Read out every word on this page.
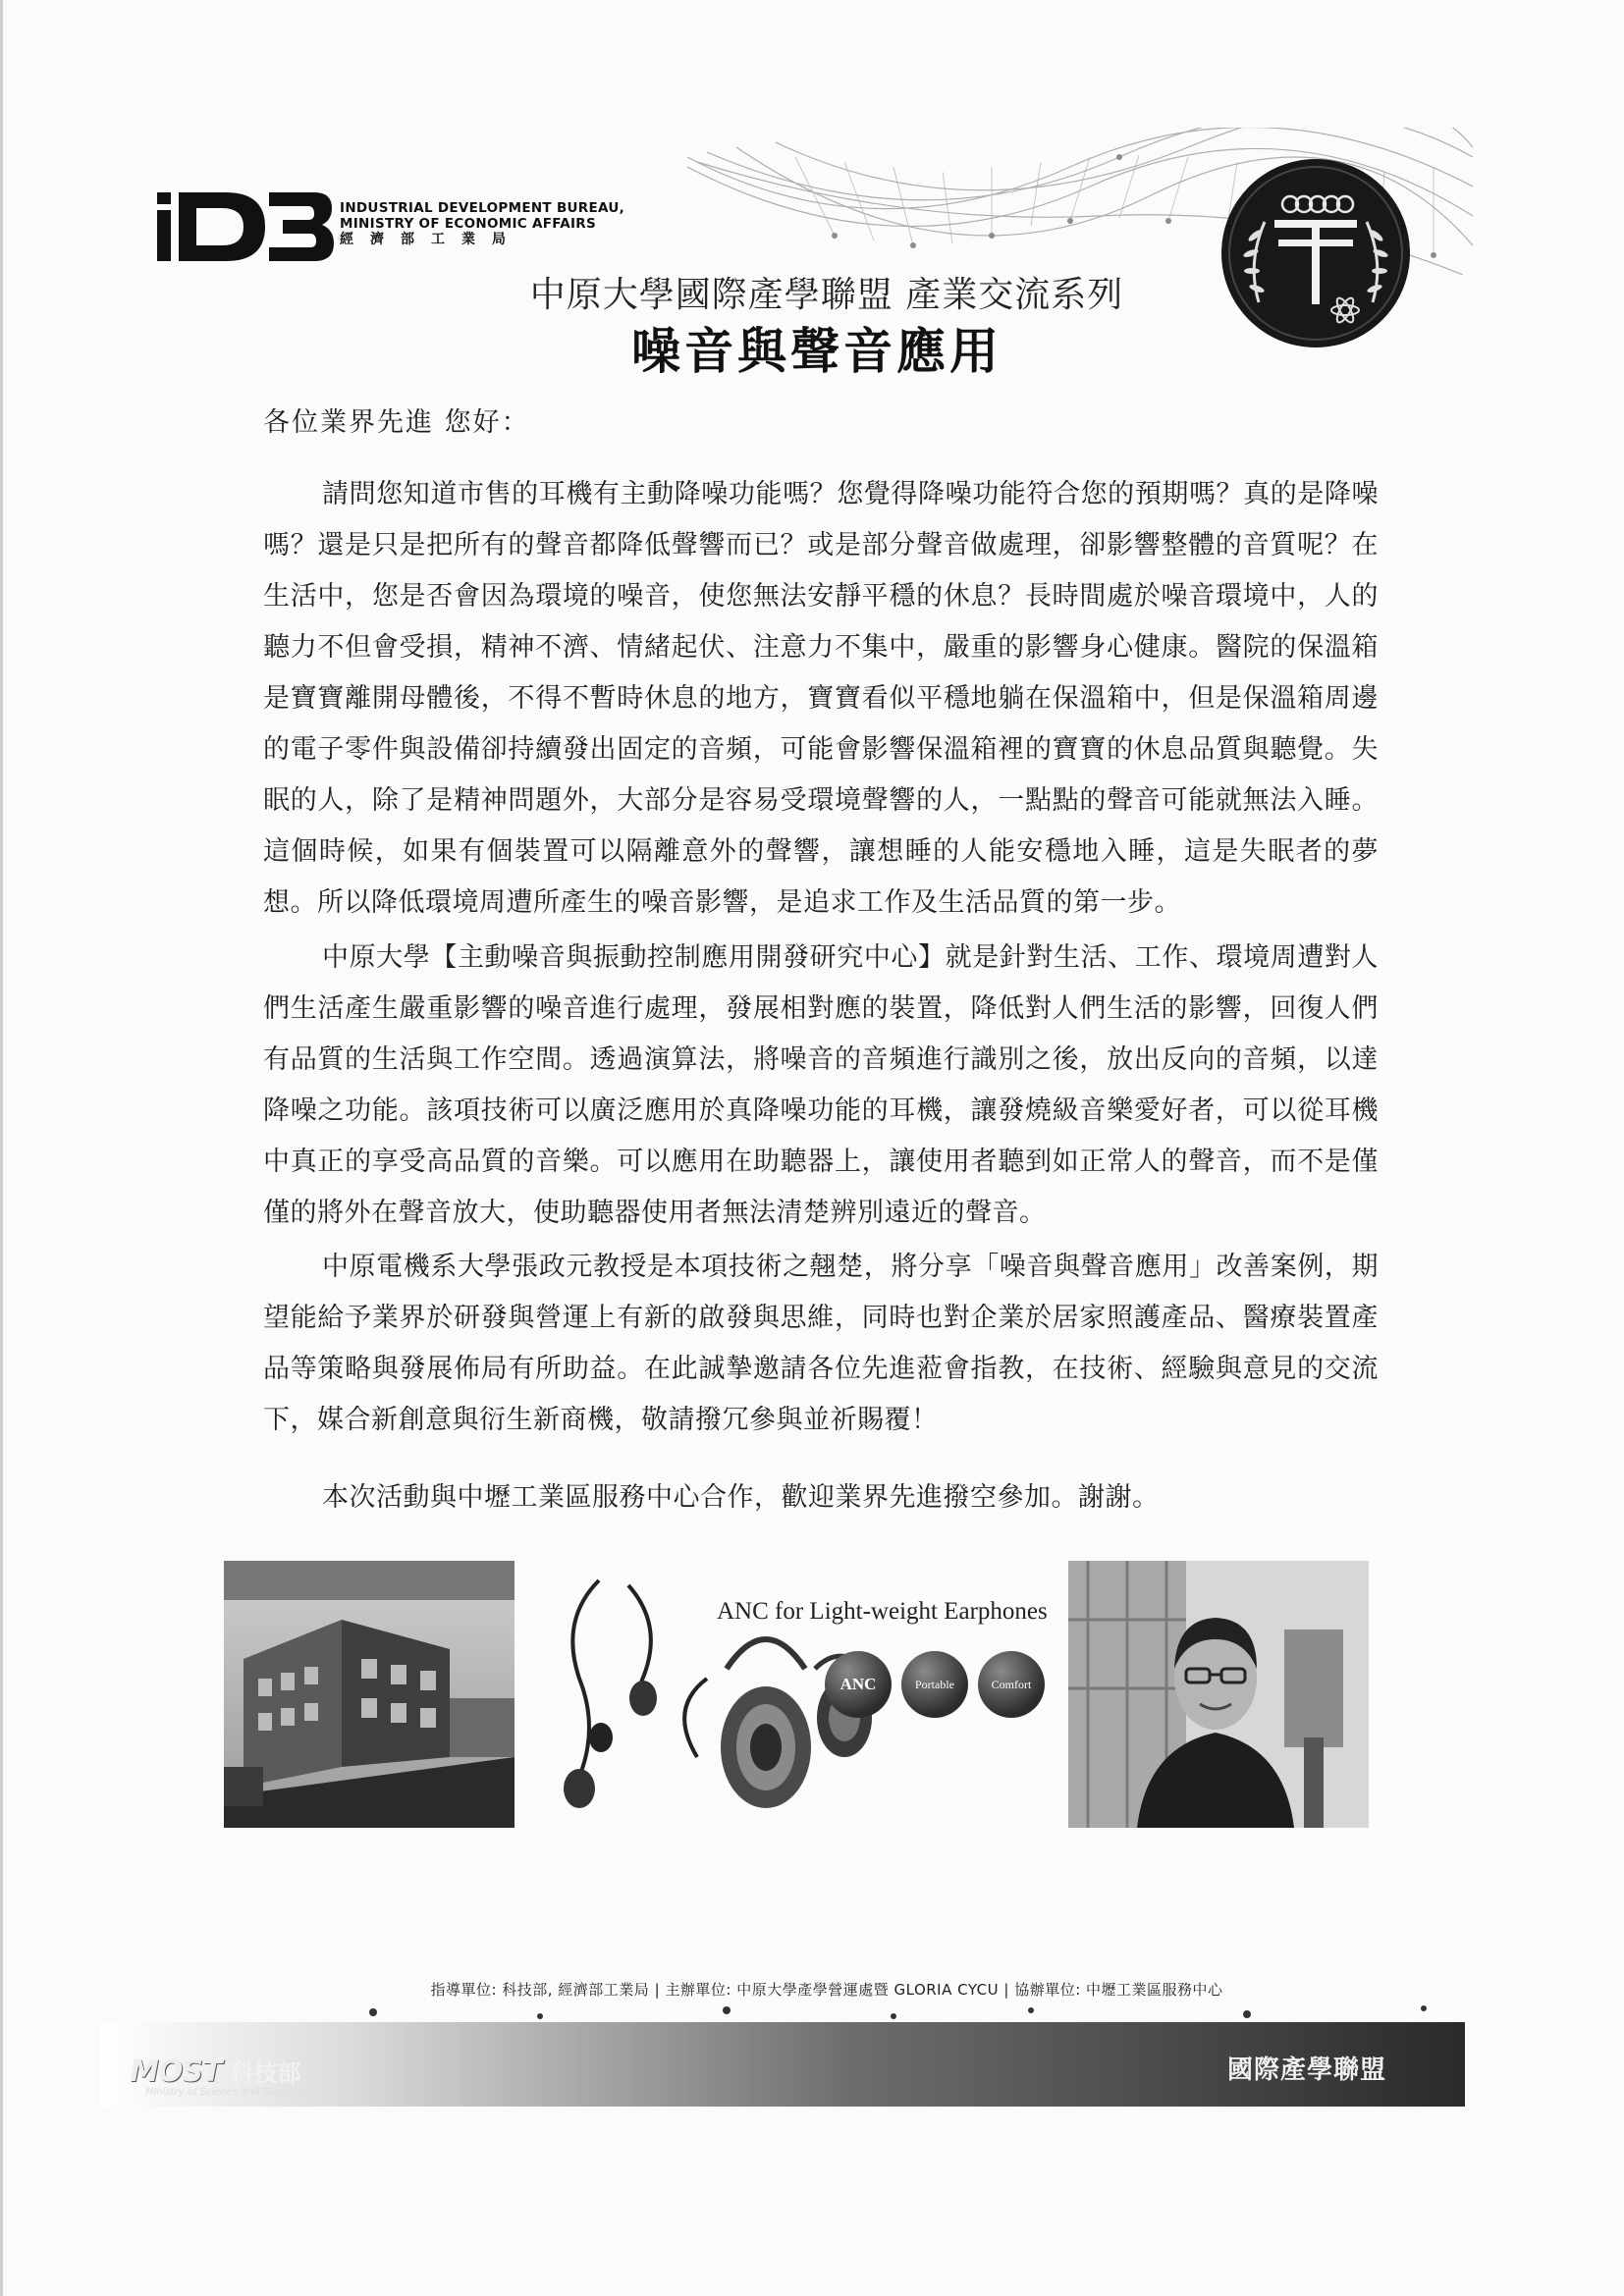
INDUSTRIAL DEVELOPMENT BUREAU,
MINISTRY OF ECONOMIC AFFAIRS
經濟部工業局
中原大學國際產學聯盟 產業交流系列
噪音與聲音應用
各位業界先進 您好：

請問您知道市售的耳機有主動降噪功能嗎？您覺得降噪功能符合您的預期嗎？真的是降噪嗎？還是只是把所有的聲音都降低聲響而已？或是部分聲音做處理，卻影響整體的音質呢？在生活中，您是否會因為環境的噪音，使您無法安靜平穩的休息？長時間處於噪音環境中，人的聽力不但會受損，精神不濟、情緒起伏、注意力不集中，嚴重的影響身心健康。醫院的保溫箱是寶寶離開母體後，不得不暫時休息的地方，寶寶看似平穩地躺在保溫箱中，但是保溫箱周邊的電子零件與設備卻持續發出固定的音頻，可能會影響保溫箱裡的寶寶的休息品質與聽覺。失眠的人，除了是精神問題外，大部分是容易受環境聲響的人，一點點的聲音可能就無法入睡。這個時候，如果有個裝置可以隔離意外的聲響，讓想睡的人能安穩地入睡，這是失眠者的夢想。所以降低環境周遭所產生的噪音影響，是追求工作及生活品質的第一步。

中原大學【主動噪音與振動控制應用開發研究中心】就是針對生活、工作、環境周遭對人們生活產生嚴重影響的噪音進行處理，發展相對應的裝置，降低對人們生活的影響，回復人們有品質的生活與工作空間。透過演算法，將噪音的音頻進行識別之後，放出反向的音頻，以達降噪之功能。該項技術可以廣泛應用於真降噪功能的耳機，讓發燒級音樂愛好者，可以從耳機中真正的享受高品質的音樂。可以應用在助聽器上，讓使用者聽到如正常人的聲音，而不是僅僅的將外在聲音放大，使助聽器使用者無法清楚辨別遠近的聲音。

中原電機系大學張政元教授是本項技術之翹楚，將分享「噪音與聲音應用」改善案例，期望能給予業界於研發與營運上有新的啟發與思維，同時也對企業於居家照護產品、醫療裝置產品等策略與發展佈局有所助益。在此誠摯邀請各位先進蒞會指教，在技術、經驗與意見的交流下，媒合新創意與衍生新商機，敬請撥冗參與並祈賜覆！

本次活動與中壢工業區服務中心合作，歡迎業界先進撥空參加。謝謝。

ANC for Light-weight Earphones
ANC	Portable	Comfort
指導單位: 科技部, 經濟部工業局 | 主辦單位: 中原大學產學營運處暨 GLORIA CYCU | 協辦單位: 中壢工業區服務中心
MOST 科技部
Ministry of Science and Technology
國際產學聯盟
